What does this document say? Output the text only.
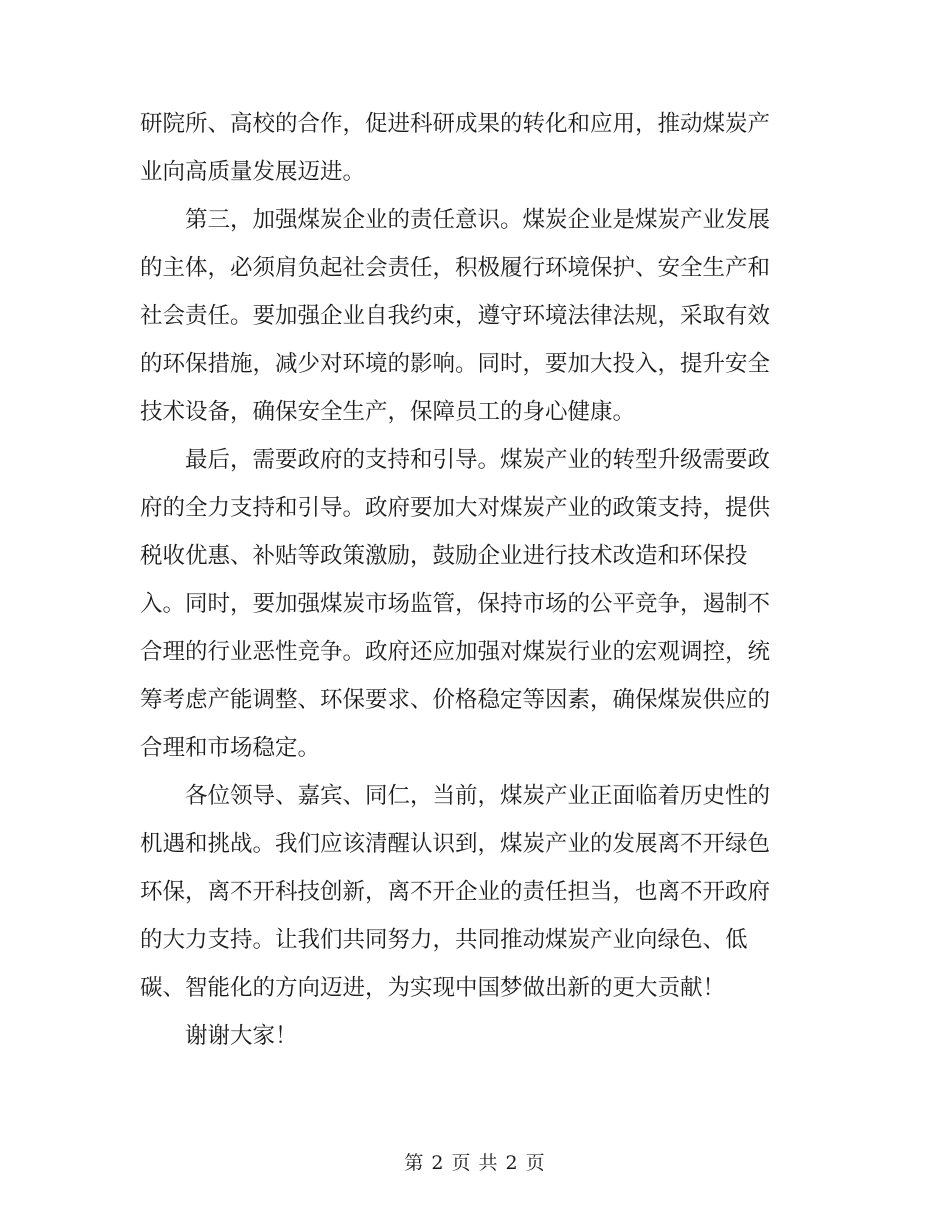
研院所、高校的合作，促进科研成果的转化和应用，推动煤炭产
业向高质量发展迈进。
第三，加强煤炭企业的责任意识。煤炭企业是煤炭产业发展
的主体，必须肩负起社会责任，积极履行环境保护、安全生产和
社会责任。要加强企业自我约束，遵守环境法律法规，采取有效
的环保措施，减少对环境的影响。同时，要加大投入，提升安全
技术设备，确保安全生产，保障员工的身心健康。
最后，需要政府的支持和引导。煤炭产业的转型升级需要政
府的全力支持和引导。政府要加大对煤炭产业的政策支持，提供
税收优惠、补贴等政策激励，鼓励企业进行技术改造和环保投
入。同时，要加强煤炭市场监管，保持市场的公平竞争，遏制不
合理的行业恶性竞争。政府还应加强对煤炭行业的宏观调控，统
筹考虑产能调整、环保要求、价格稳定等因素，确保煤炭供应的
合理和市场稳定。
各位领导、嘉宾、同仁，当前，煤炭产业正面临着历史性的
机遇和挑战。我们应该清醒认识到，煤炭产业的发展离不开绿色
环保，离不开科技创新，离不开企业的责任担当，也离不开政府
的大力支持。让我们共同努力，共同推动煤炭产业向绿色、低
碳、智能化的方向迈进，为实现中国梦做出新的更大贡献！
谢谢大家！
第 2 页 共 2 页
